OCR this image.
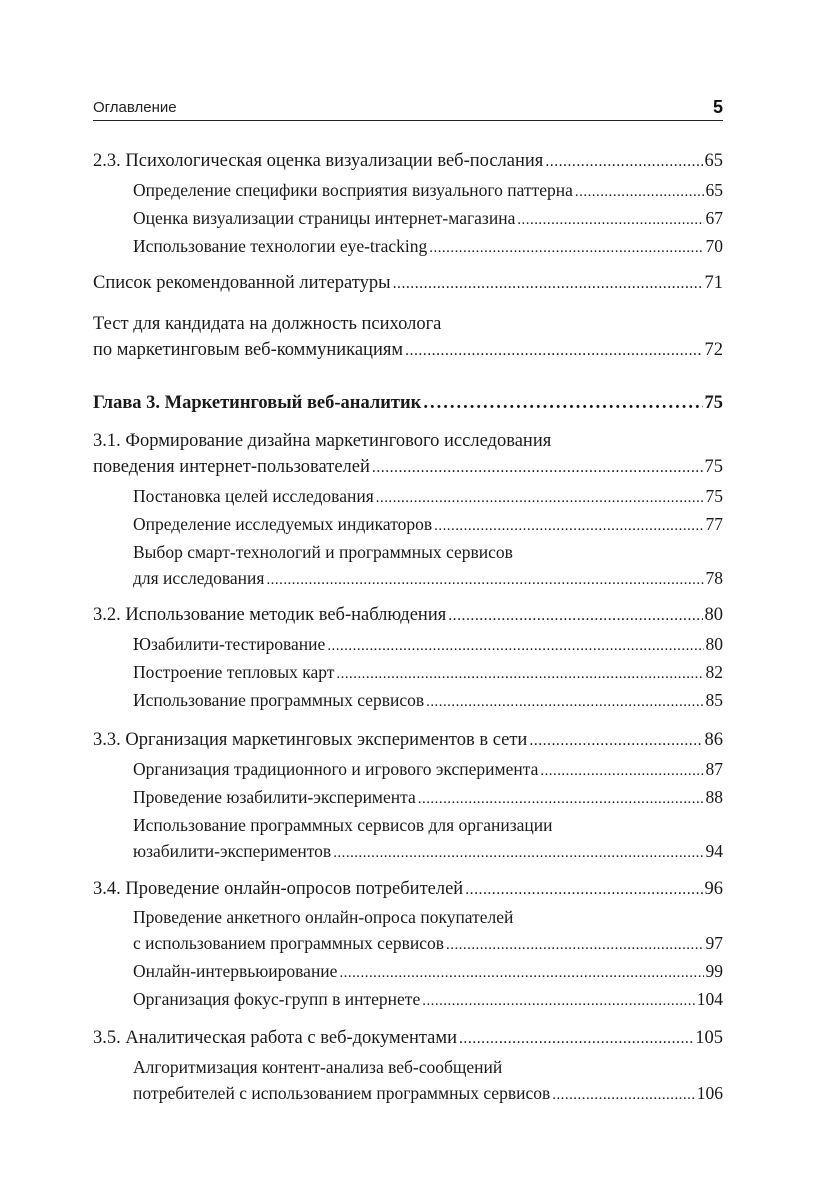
Оглавление	5
2.3. Психологическая оценка визуализации веб-послания .....	65
Определение специфики восприятия визуального паттерна .....	65
Оценка визуализации страницы интернет-магазина .....	67
Использование технологии eye-tracking .....	70
Список рекомендованной литературы .....	71
Тест для кандидата на должность психолога
по маркетинговым веб-коммуникациям .....	72
Глава 3. Маркетинговый веб-аналитик .....	75
3.1. Формирование дизайна маркетингового исследования
поведения интернет-пользователей .....	75
Постановка целей исследования .....	75
Определение исследуемых индикаторов .....	77
Выбор смарт-технологий и программных сервисов
для исследования .....	78
3.2. Использование методик веб-наблюдения .....	80
Юзабилити-тестирование .....	80
Построение тепловых карт .....	82
Использование программных сервисов .....	85
3.3. Организация маркетинговых экспериментов в сети .....	86
Организация традиционного и игрового эксперимента .....	87
Проведение юзабилити-эксперимента .....	88
Использование программных сервисов для организации
юзабилити-экспериментов .....	94
3.4. Проведение онлайн-опросов потребителей .....	96
Проведение анкетного онлайн-опроса покупателей
с использованием программных сервисов .....	97
Онлайн-интервьюирование .....	99
Организация фокус-групп в интернете .....	104
3.5. Аналитическая работа с веб-документами .....	105
Алгоритмизация контент-анализа веб-сообщений
потребителей с использованием программных сервисов .....	106
